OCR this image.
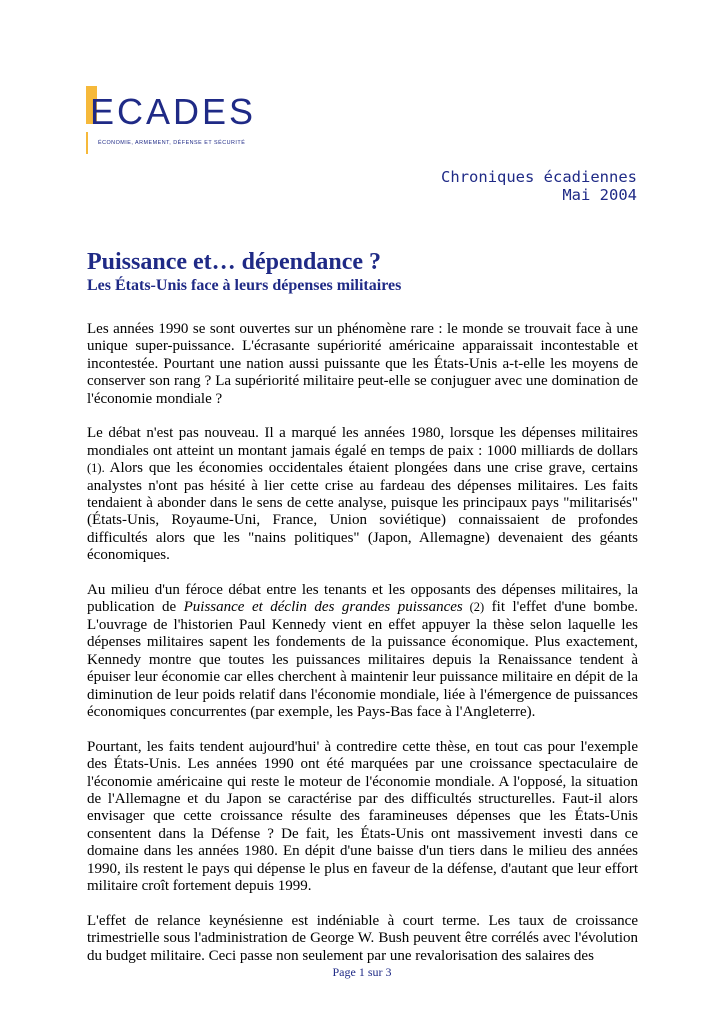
ECADES
ÉCONOMIE, ARMEMENT, DÉFENSE ET SÉCURITÉ
Chroniques écadiennes
Mai 2004
Puissance et… dépendance ?
Les États-Unis face à leurs dépenses militaires

Les années 1990 se sont ouvertes sur un phénomène rare : le monde se trouvait face à une unique super-puissance. L'écrasante supériorité américaine apparaissait incontestable et incontestée. Pourtant une nation aussi puissante que les États-Unis a-t-elle les moyens de conserver son rang ? La supériorité militaire peut-elle se conjuguer avec une domination de l'économie mondiale ?

Le débat n'est pas nouveau. Il a marqué les années 1980, lorsque les dépenses militaires mondiales ont atteint un montant jamais égalé en temps de paix : 1000 milliards de dollars (1). Alors que les économies occidentales étaient plongées dans une crise grave, certains analystes n'ont pas hésité à lier cette crise au fardeau des dépenses militaires. Les faits tendaient à abonder dans le sens de cette analyse, puisque les principaux pays "militarisés" (États-Unis, Royaume-Uni, France, Union soviétique) connaissaient de profondes difficultés alors que les "nains politiques" (Japon, Allemagne) devenaient des géants économiques.

Au milieu d'un féroce débat entre les tenants et les opposants des dépenses militaires, la publication de Puissance et déclin des grandes puissances (2) fit l'effet d'une bombe. L'ouvrage de l'historien Paul Kennedy vient en effet appuyer la thèse selon laquelle les dépenses militaires sapent les fondements de la puissance économique. Plus exactement, Kennedy montre que toutes les puissances militaires depuis la Renaissance tendent à épuiser leur économie car elles cherchent à maintenir leur puissance militaire en dépit de la diminution de leur poids relatif dans l'économie mondiale, liée à l'émergence de puissances économiques concurrentes (par exemple, les Pays-Bas face à l'Angleterre).

Pourtant, les faits tendent aujourd'hui' à contredire cette thèse, en tout cas pour l'exemple des États-Unis. Les années 1990 ont été marquées par une croissance spectaculaire de l'économie américaine qui reste le moteur de l'économie mondiale. A l'opposé, la situation de l'Allemagne et du Japon se caractérise par des difficultés structurelles. Faut-il alors envisager que cette croissance résulte des faramineuses dépenses que les États-Unis consentent dans la Défense ? De fait, les États-Unis ont massivement investi dans ce domaine dans les années 1980. En dépit d'une baisse d'un tiers dans le milieu des années 1990, ils restent le pays qui dépense le plus en faveur de la défense, d'autant que leur effort militaire croît fortement depuis 1999.

L'effet de relance keynésienne est indéniable à court terme. Les taux de croissance trimestrielle sous l'administration de George W. Bush peuvent être corrélés avec l'évolution du budget militaire. Ceci passe non seulement par une revalorisation des salaires des

Page 1 sur 3
